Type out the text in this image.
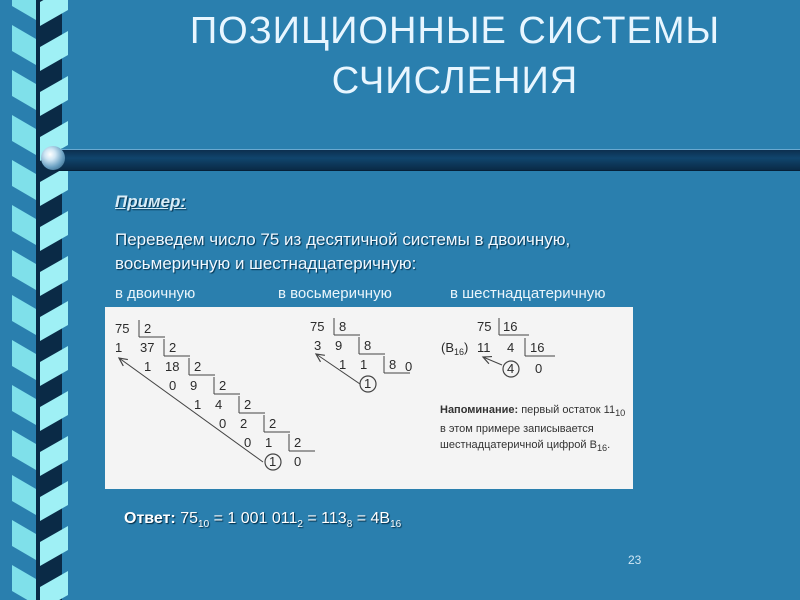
ПОЗИЦИОННЫЕ СИСТЕМЫ
СЧИСЛЕНИЯ
Пример:
Переведем число 75 из десятичной системы в двоичную, восьмеричную и шестнадцатеричную:
в двоичную	в восьмеричную	в шестнадцатеричную
75 2
1 37 2
1 18 2
0 9 2
1 4 2
0 2 2
0 1 2
1 0
75 8
3 9 8
1 1 8
1
0
75 16
$(B_{16})$ 11 4 16
4 0
Напоминание: первый остаток $11_{10}$ в этом примере записывается шестнадцатеричной цифрой $B_{16}$.
Ответ: $75_{10} = 1$ 001 $011_2 = 113_8 = 4B_{16}$
23
